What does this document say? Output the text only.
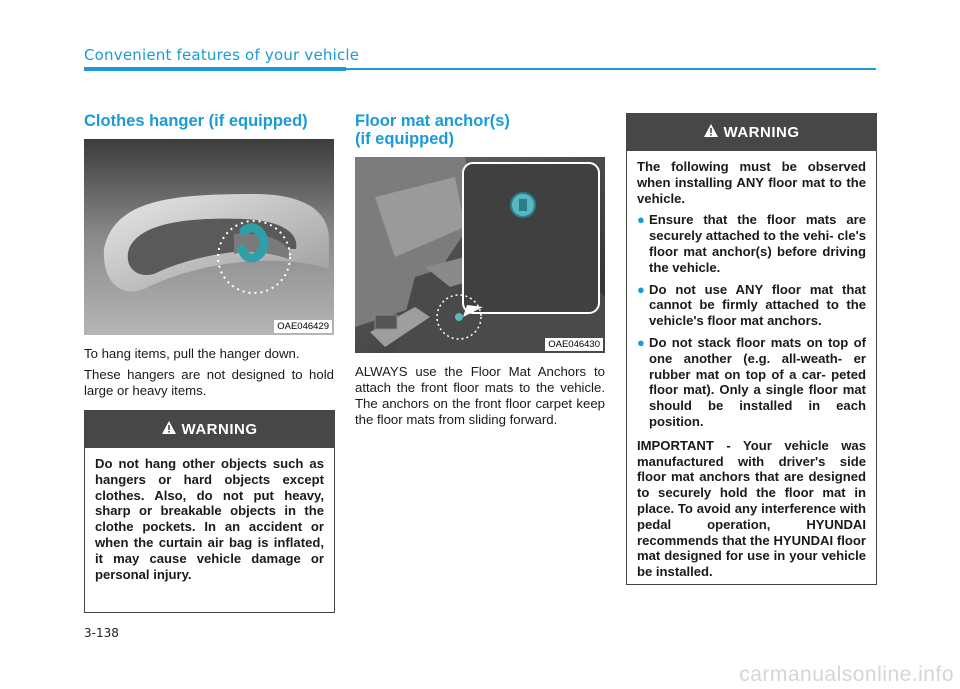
Convenient features of your vehicle
Clothes hanger (if equipped)
OAE046429

To hang items, pull the hanger down.

These hangers are not designed to hold large or heavy items.

WARNING

Do not hang other objects such as hangers or hard objects except clothes. Also, do not put heavy, sharp or breakable objects in the clothe pockets. In an accident or when the curtain air bag is inflated, it may cause vehicle damage or personal injury.

Floor mat anchor(s)
(if equipped)
OAE046430

ALWAYS use the Floor Mat Anchors to attach the front floor mats to the vehicle. The anchors on the front floor carpet keep the floor mats from sliding forward.

WARNING

The following must be observed when installing ANY floor mat to the vehicle.

● Ensure that the floor mats are securely attached to the vehi- cle's floor mat anchor(s) before driving the vehicle.
● Do not use ANY floor mat that cannot be firmly attached to the vehicle's floor mat anchors.
● Do not stack floor mats on top of one another (e.g. all-weath- er rubber mat on top of a car- peted floor mat). Only a single floor mat should be installed in each position.

IMPORTANT - Your vehicle was manufactured with driver's side floor mat anchors that are designed to securely hold the floor mat in place. To avoid any interference with pedal operation, HYUNDAI recommends that the HYUNDAI floor mat designed for use in your vehicle be installed.

3-138
carmanualsonline.info
